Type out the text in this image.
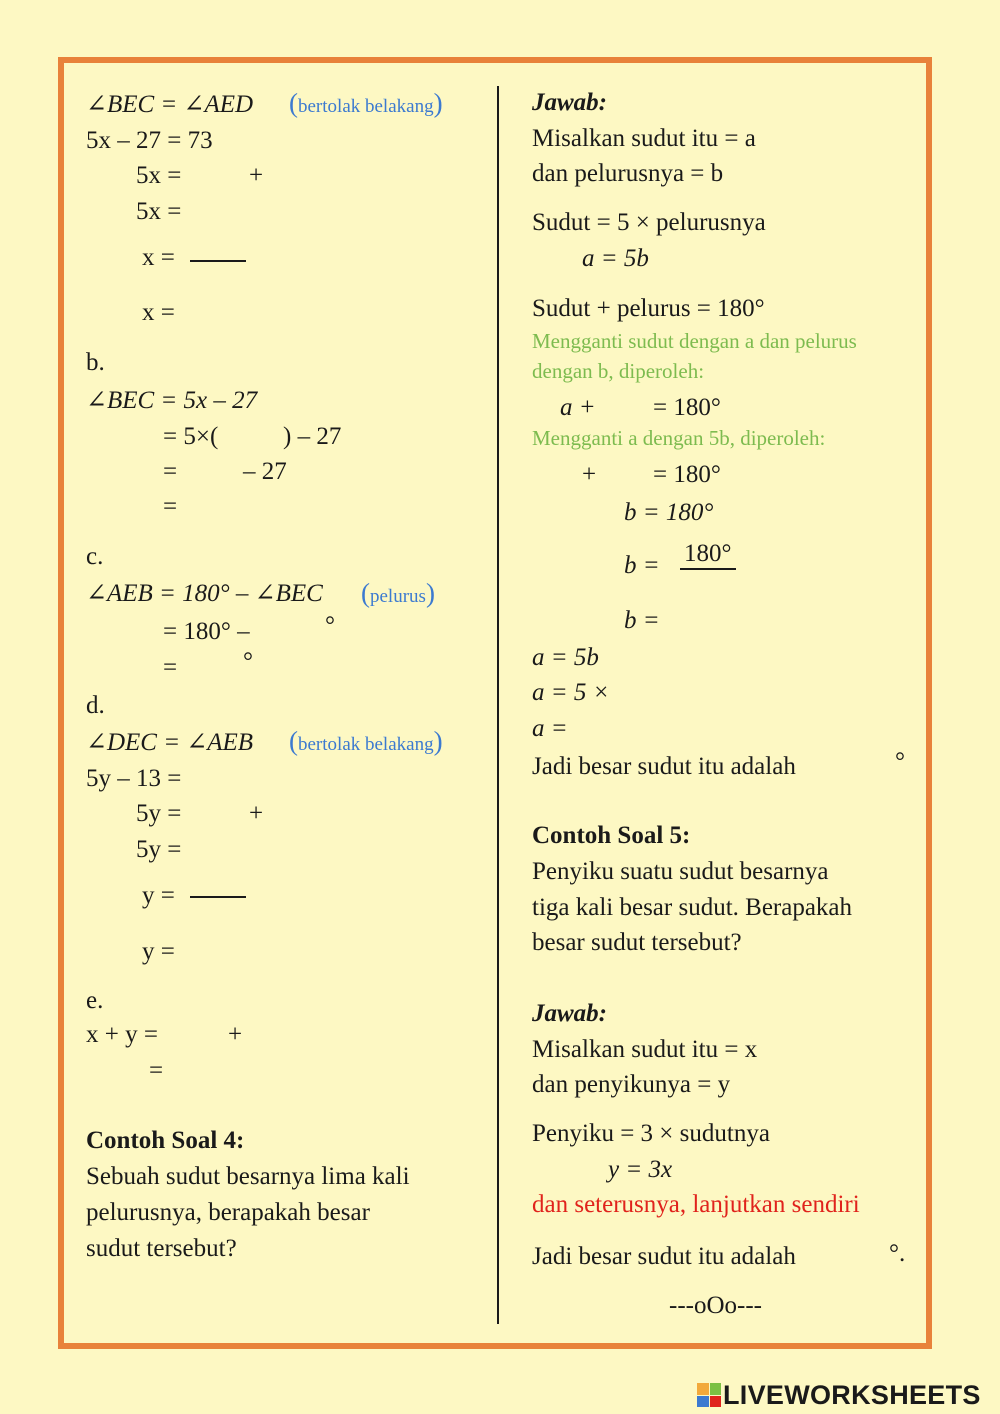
∠BEC = ∠AED (bertolak belakang)
5x – 27 = 73
5x =	+
5x =
x =
x =
b.
∠BEC = 5x – 27
= 5×(	) – 27
=	– 27
=
c.
∠AEB = 180° – ∠BEC (pelurus)
= 180° –	°
=	°
d.
∠DEC = ∠AEB (bertolak belakang)
5y – 13 =
5y =	+
5y =
y =
y =
e.
x + y =	+
=
Contoh Soal 4:
Sebuah sudut besarnya lima kali
pelurusnya, berapakah besar
sudut tersebut?
Jawab:
Misalkan sudut itu = a
dan pelurusnya = b
Sudut = 5 × pelurusnya
a = 5b
Sudut + pelurus = 180°
Mengganti sudut dengan a dan pelurus
dengan b, diperoleh:
a + = 180°
Mengganti a dengan 5b, diperoleh:
+ = 180°
b = 180°
b = 180°
b =
a = 5b
a = 5 ×
a =
Jadi besar sudut itu adalah	°
Contoh Soal 5:
Penyiku suatu sudut besarnya
tiga kali besar sudut. Berapakah
besar sudut tersebut?
Jawab:
Misalkan sudut itu = x
dan penyikunya = y
Penyiku = 3 × sudutnya
y = 3x
dan seterusnya, lanjutkan sendiri
Jadi besar sudut itu adalah	°.
---oOo---
LIVEWORKSHEETS
